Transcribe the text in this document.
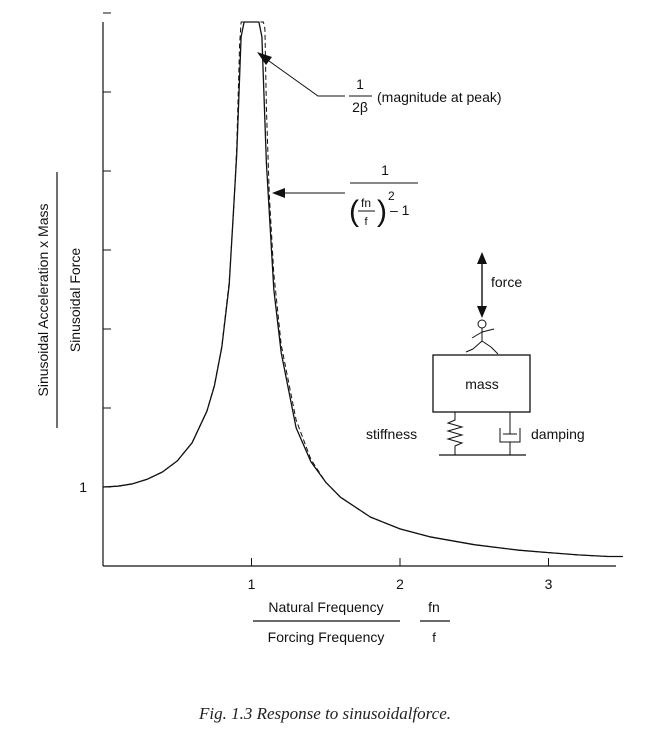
1
1	2	3
Sinusoidal Acceleration x Mass Sinusoidal Force
Natural Frequency
Forcing Frequency
fn
f
1
2β
(magnitude at peak)
1
( fn
f ) 2
– 1
force
mass
stiffness	damping
Fig. 1.3 Response to sinusoidalforce.
